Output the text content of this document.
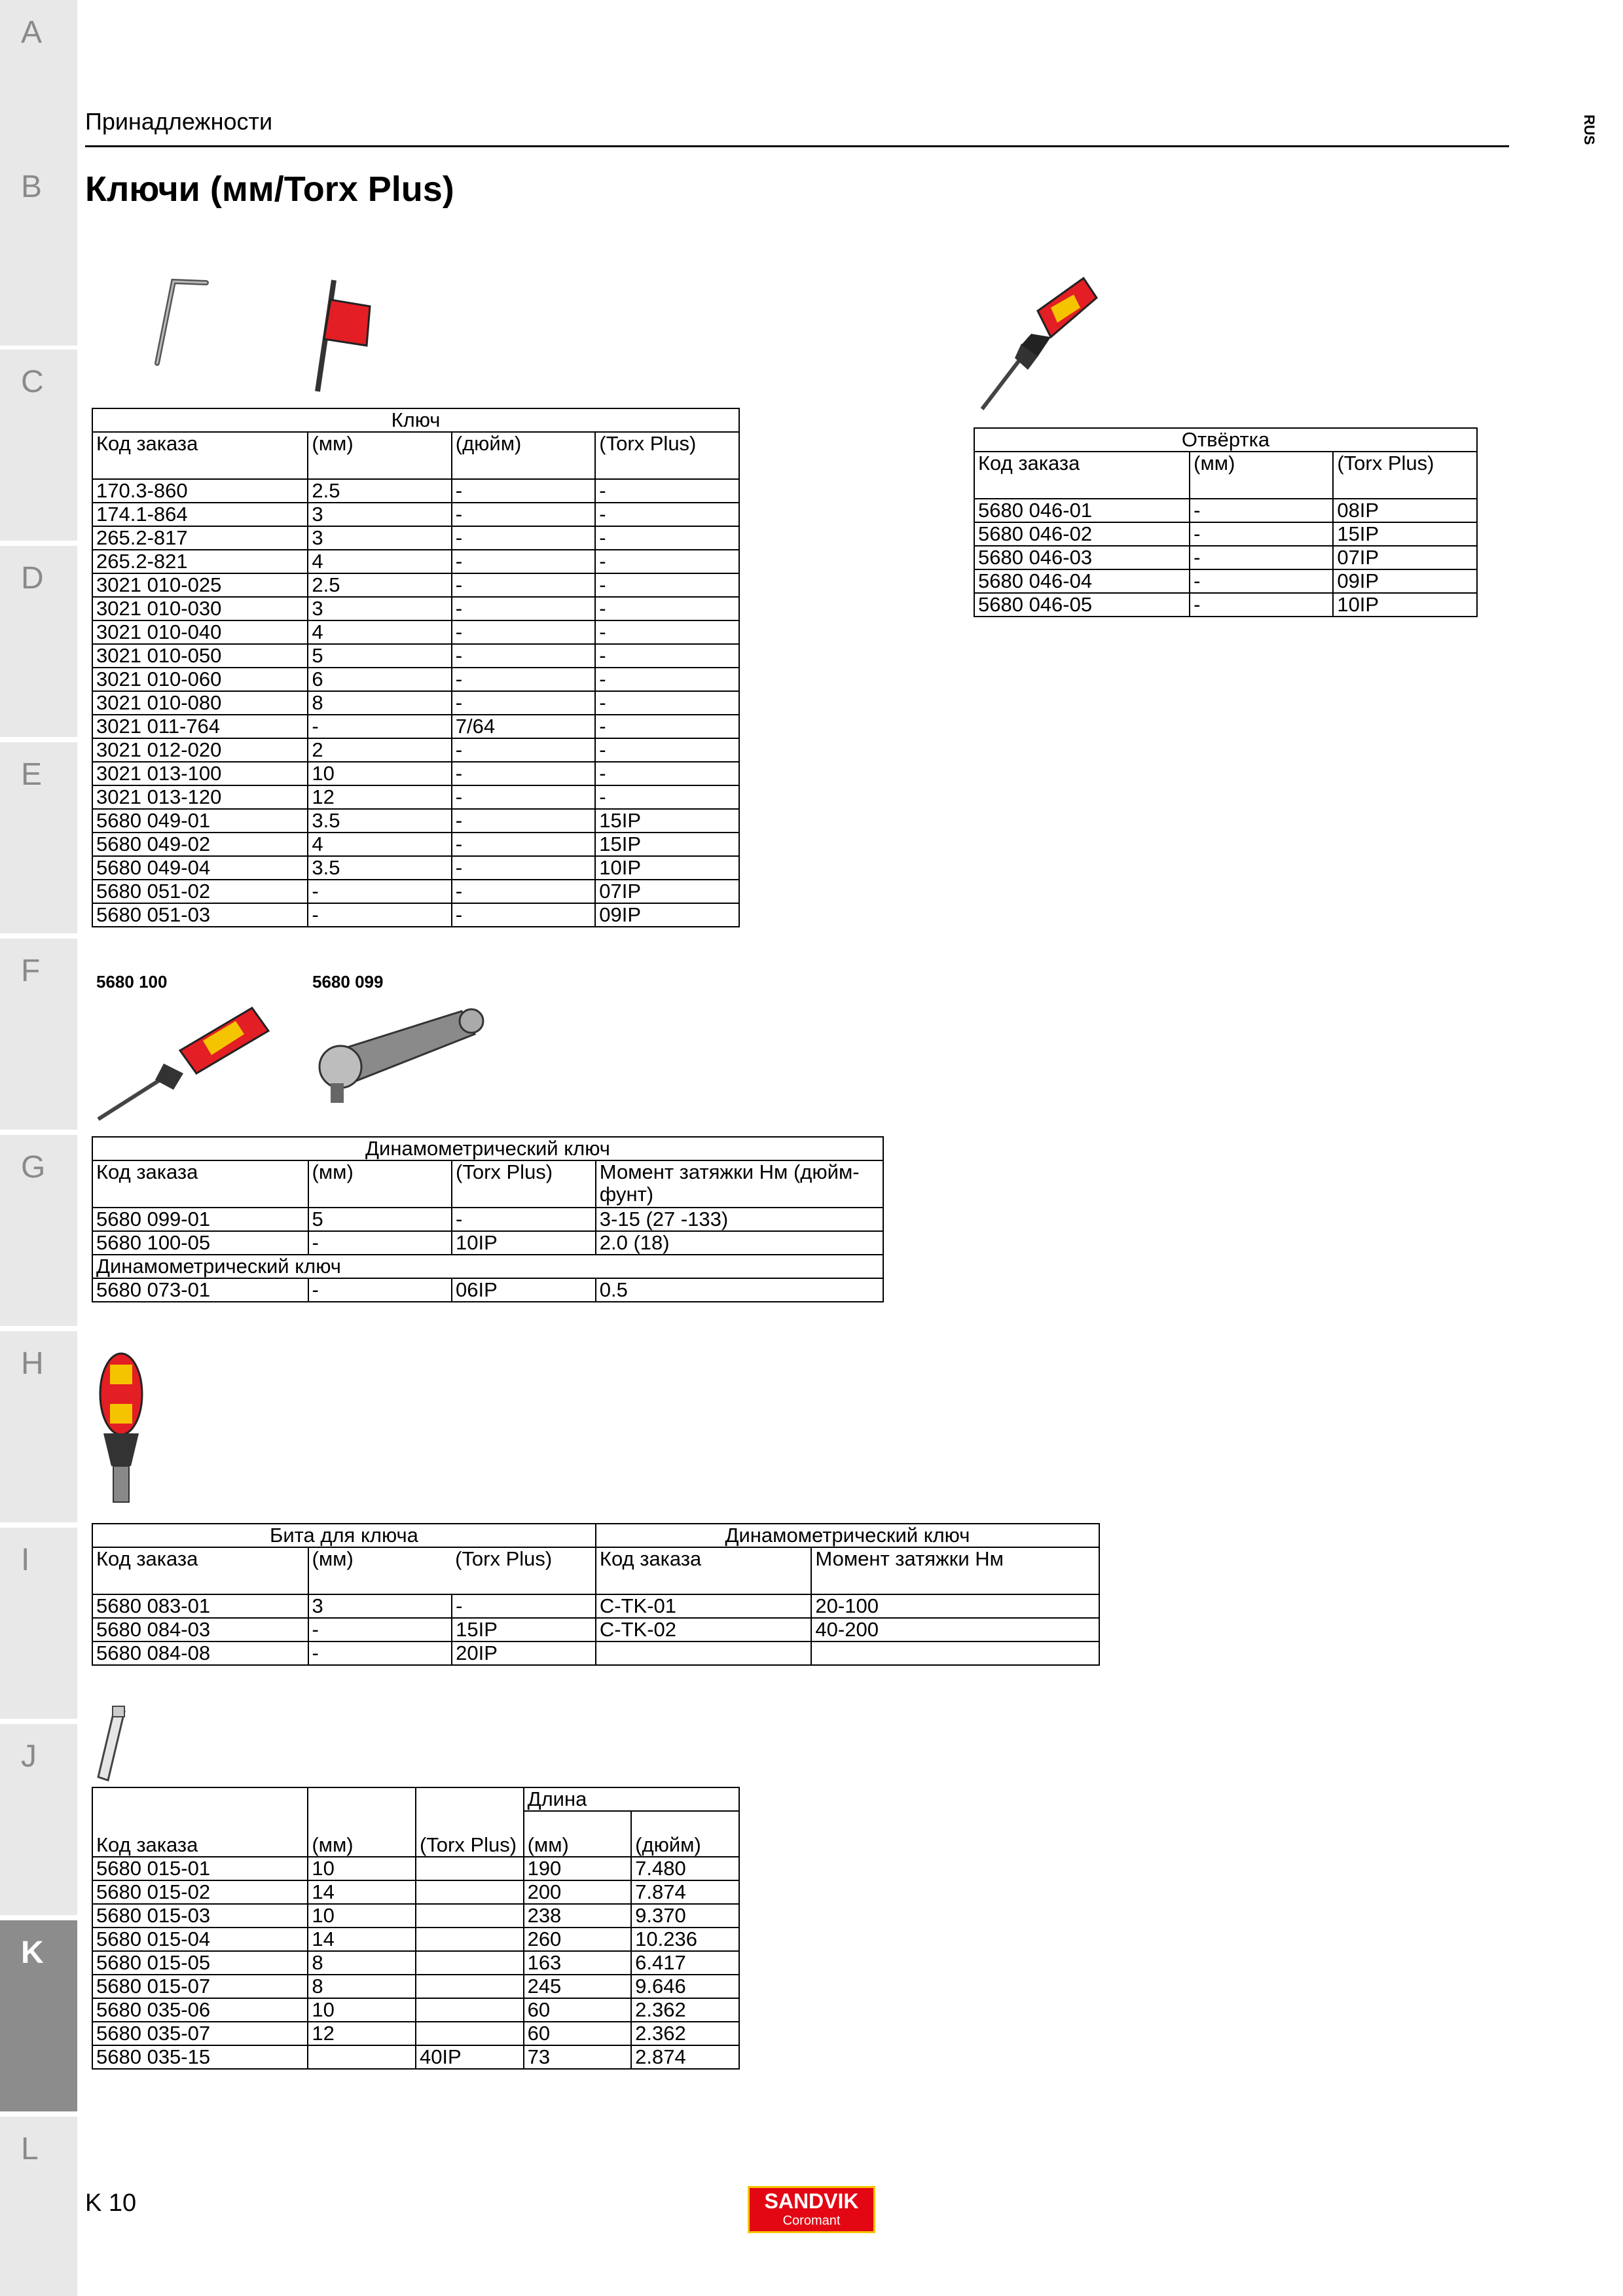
A
B
C
D
E
F
G
H
I
J
K
L
Принадлежности	RUS
Ключи (мм/Torx Plus)
Ключ			
Код заказа	(мм)	(дюйм)	(Torx Plus)
170.3-860	2.5	-	-
174.1-864	3	-	-
265.2-817	3	-	-
265.2-821	4	-	-
3021 010-025	2.5	-	-
3021 010-030	3	-	-
3021 010-040	4	-	-
3021 010-050	5	-	-
3021 010-060	6	-	-
3021 010-080	8	-	-
3021 011-764	-	7/64	-
3021 012-020	2	-	-
3021 013-100	10	-	-
3021 013-120	12	-	-
5680 049-01	3.5	-	15IP
5680 049-02	4	-	15IP
5680 049-04	3.5	-	10IP
5680 051-02	-	-	07IP
5680 051-03	-	-	09IP
Отвёртка		
Код заказа	(мм)	(Torx Plus)
5680 046-01	-	08IP
5680 046-02	-	15IP
5680 046-03	-	07IP
5680 046-04	-	09IP
5680 046-05	-	10IP
5680 100	5680 099
Динамометрический ключ			
Код заказа	(мм)	(Torx Plus)	Момент затяжки Нм (дюйм-фунт)
5680 099-01	5	-	3-15 (27 -133)
5680 100-05	-	10IP	2.0 (18)
Динамометрический ключ			
5680 073-01	-	06IP	0.5
Бита для ключа			Динамометрический ключ	
Код заказа	(мм)	(Torx Plus)	Код заказа	Момент затяжки Нм
5680 083-01	3	-	C-TK-01	20-100
5680 084-03	-	15IP	C-TK-02	40-200
5680 084-08	-	20IP		
Код заказа	(мм)	(Torx Plus)	Длина	
			(мм)	(дюйм)
5680 015-01	10		190	7.480
5680 015-02	14		200	7.874
5680 015-03	10		238	9.370
5680 015-04	14		260	10.236
5680 015-05	8		163	6.417
5680 015-07	8		245	9.646
5680 035-06	10		60	2.362
5680 035-07	12		60	2.362
5680 035-15		40IP	73	2.874
K 10	SANDVIK
Coromant
